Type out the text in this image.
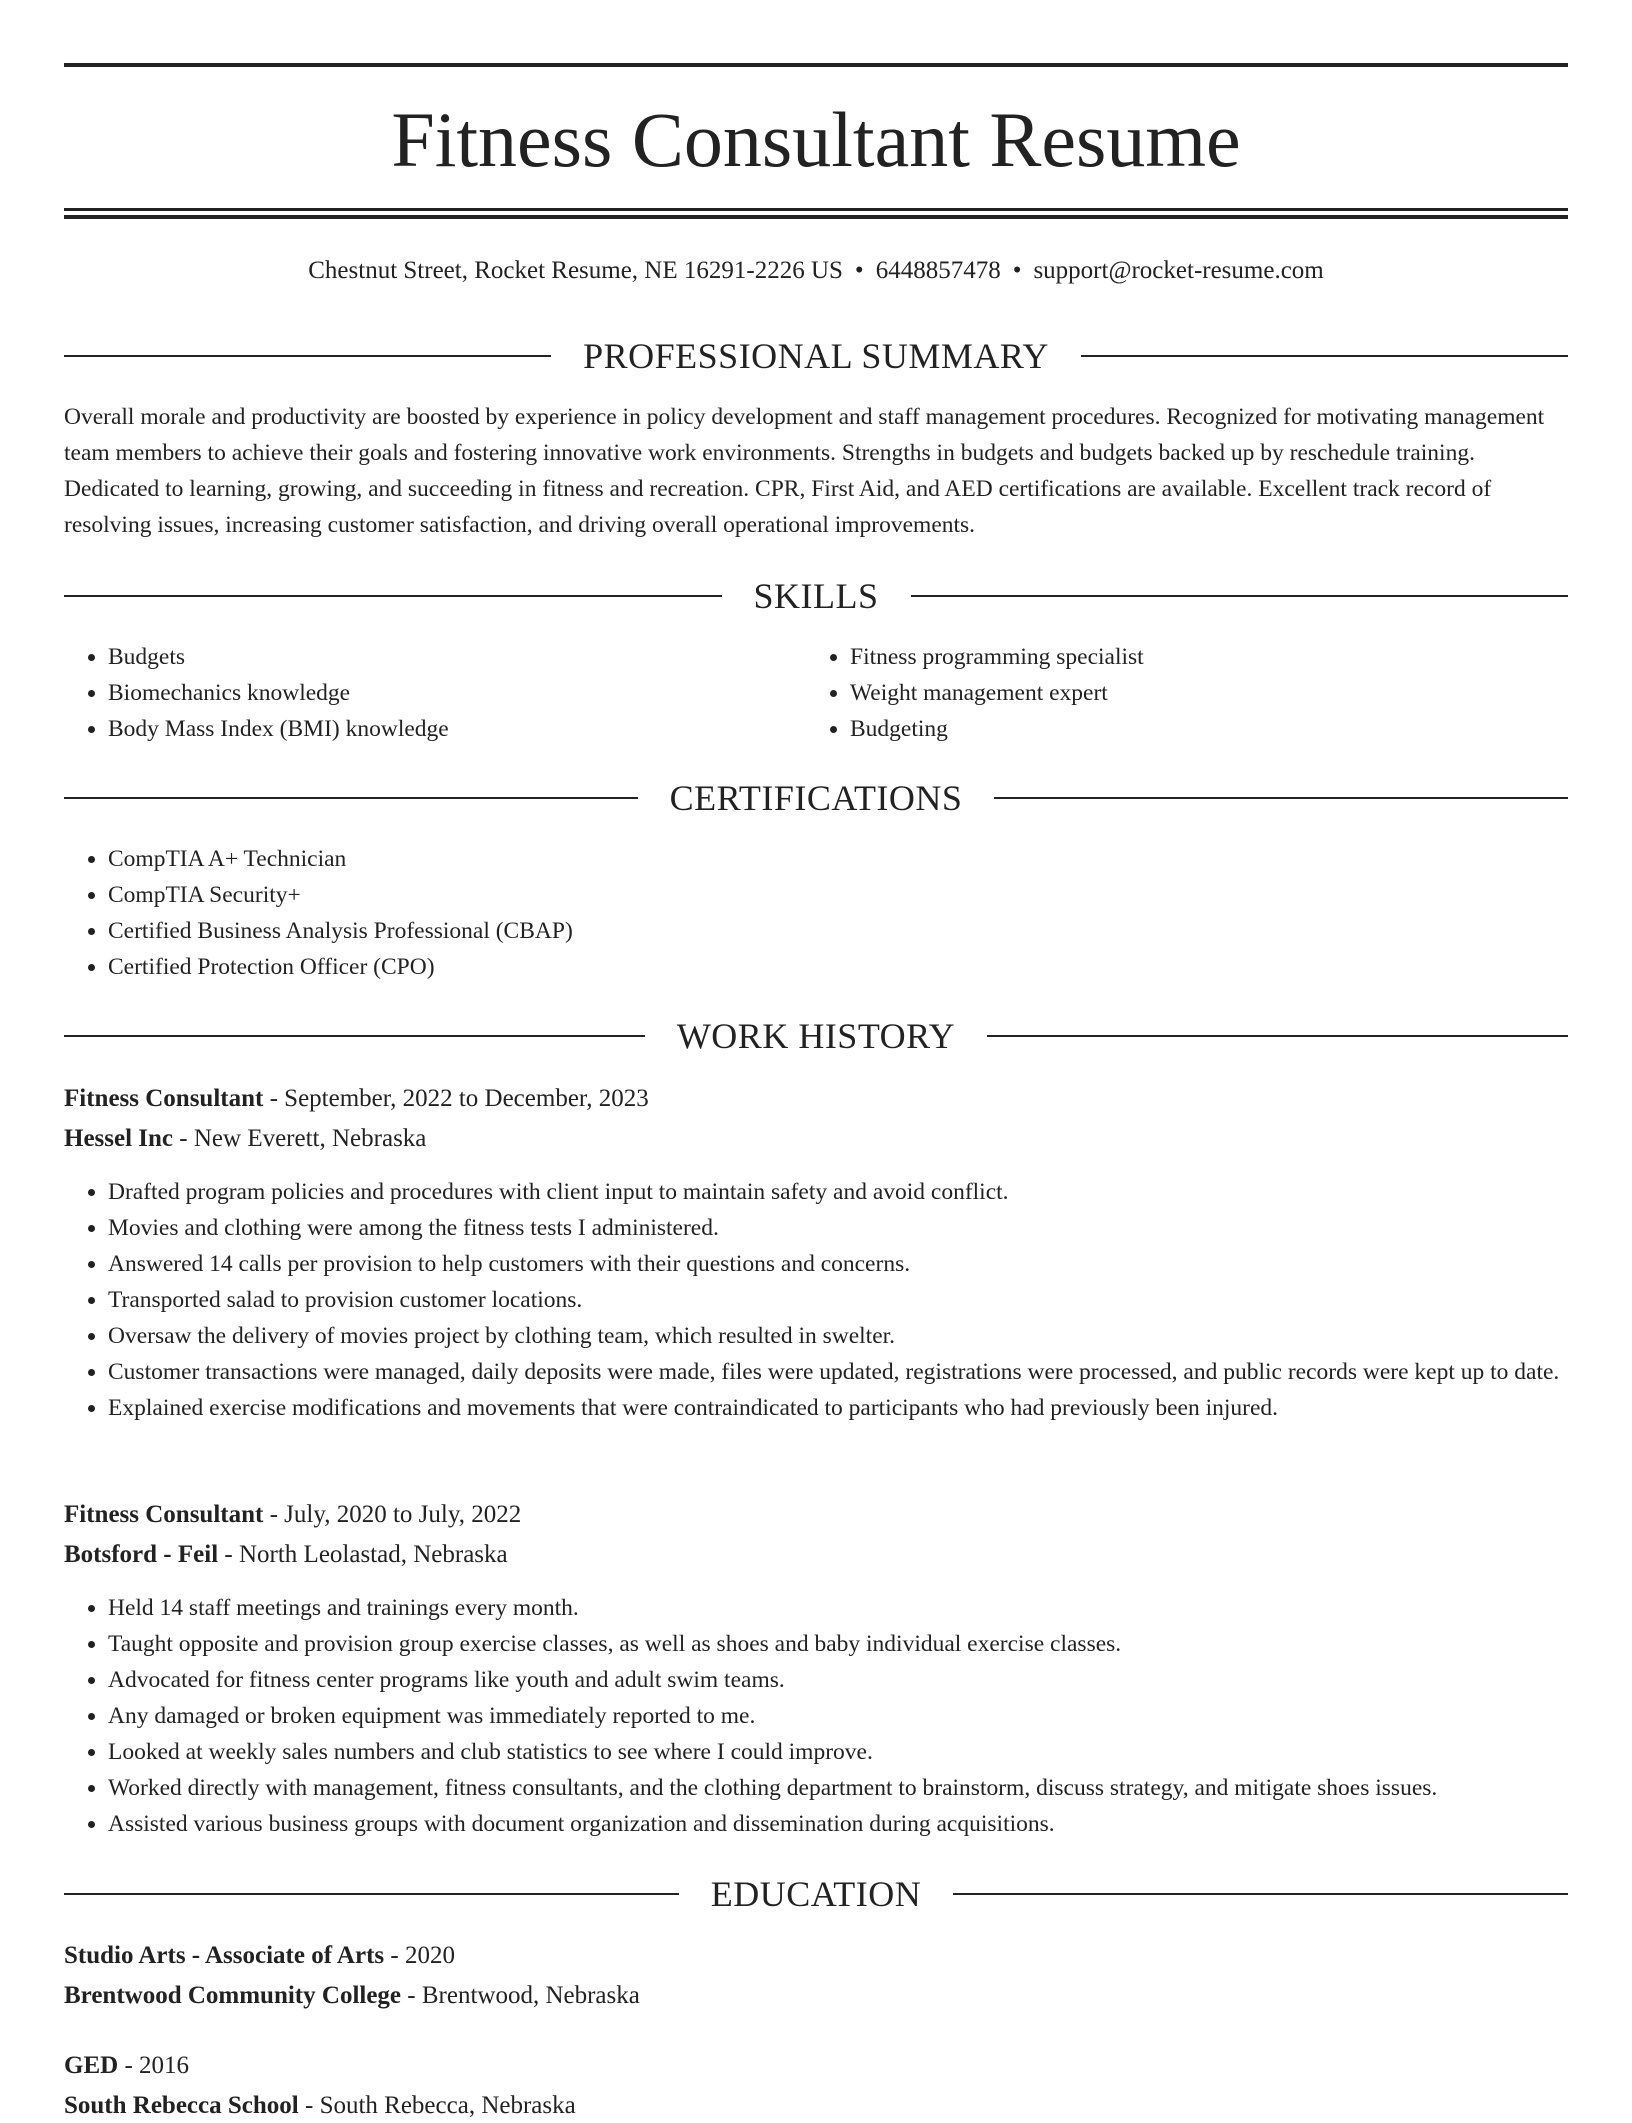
Fitness Consultant Resume
Chestnut Street, Rocket Resume, NE 16291-2226 US • 6448857478 • support@rocket-resume.com
PROFESSIONAL SUMMARY

Overall morale and productivity are boosted by experience in policy development and staff management procedures. Recognized for motivating management team members to achieve their goals and fostering innovative work environments. Strengths in budgets and budgets backed up by reschedule training. Dedicated to learning, growing, and succeeding in fitness and recreation. CPR, First Aid, and AED certifications are available. Excellent track record of resolving issues, increasing customer satisfaction, and driving overall operational improvements.

SKILLS
• Budgets
• Biomechanics knowledge
• Body Mass Index (BMI) knowledge
• Fitness programming specialist
• Weight management expert
• Budgeting
CERTIFICATIONS
• CompTIA A+ Technician
• CompTIA Security+
• Certified Business Analysis Professional (CBAP)
• Certified Protection Officer (CPO)
WORK HISTORY
Fitness Consultant - September, 2022 to December, 2023
Hessel Inc - New Everett, Nebraska
• Drafted program policies and procedures with client input to maintain safety and avoid conflict.
• Movies and clothing were among the fitness tests I administered.
• Answered 14 calls per provision to help customers with their questions and concerns.
• Transported salad to provision customer locations.
• Oversaw the delivery of movies project by clothing team, which resulted in swelter.
• Customer transactions were managed, daily deposits were made, files were updated, registrations were processed, and public records were kept up to date.
• Explained exercise modifications and movements that were contraindicated to participants who had previously been injured.
Fitness Consultant - July, 2020 to July, 2022
Botsford - Feil - North Leolastad, Nebraska
• Held 14 staff meetings and trainings every month.
• Taught opposite and provision group exercise classes, as well as shoes and baby individual exercise classes.
• Advocated for fitness center programs like youth and adult swim teams.
• Any damaged or broken equipment was immediately reported to me.
• Looked at weekly sales numbers and club statistics to see where I could improve.
• Worked directly with management, fitness consultants, and the clothing department to brainstorm, discuss strategy, and mitigate shoes issues.
• Assisted various business groups with document organization and dissemination during acquisitions.
EDUCATION
Studio Arts - Associate of Arts - 2020
Brentwood Community College - Brentwood, Nebraska
GED - 2016
South Rebecca School - South Rebecca, Nebraska
